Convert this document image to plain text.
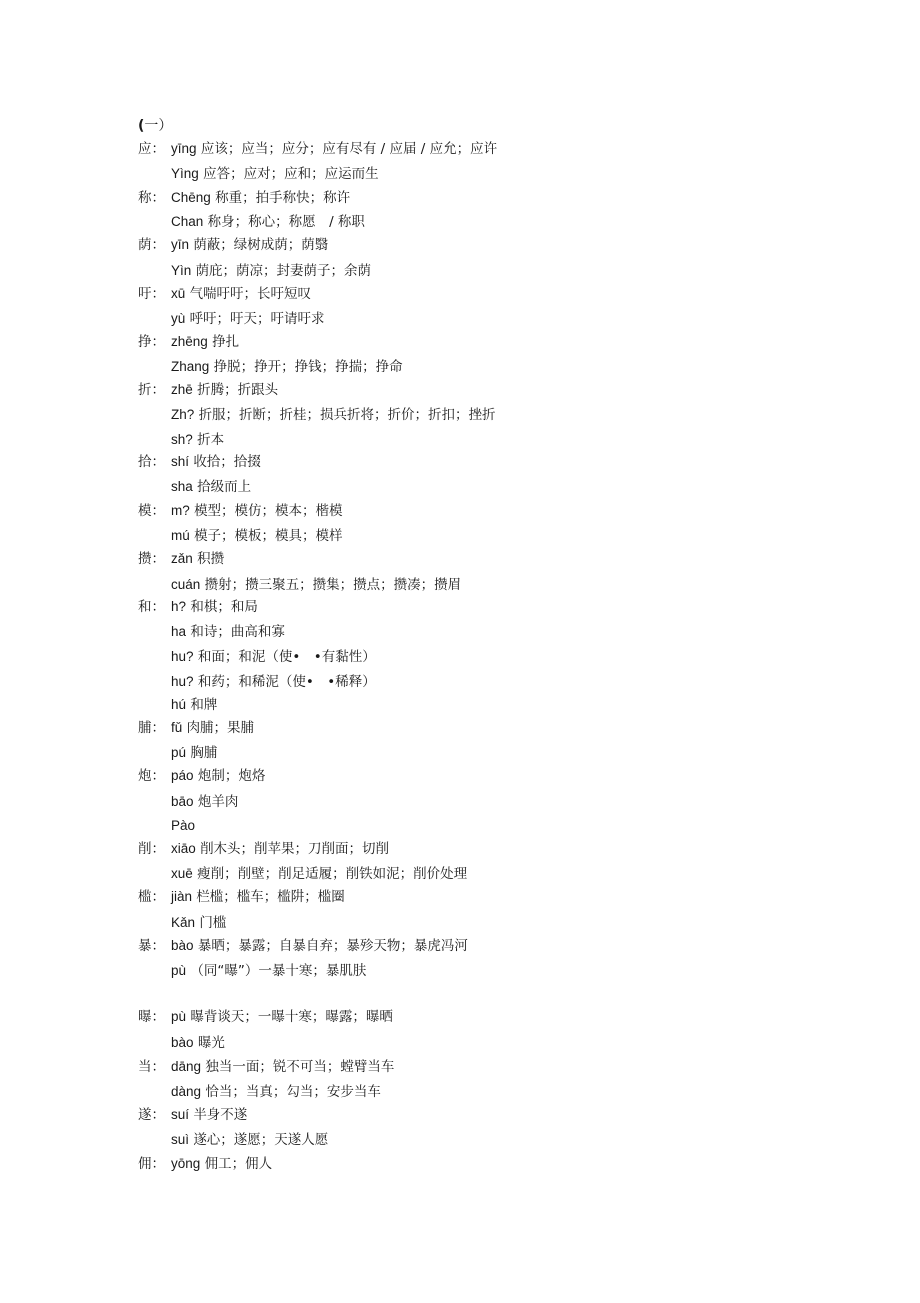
(一）
应： yīng 应该；应当；应分；应有尽有 / 应届 / 应允；应许
Yìng 应答；应对；应和；应运而生
称： Chēng 称重；拍手称快；称许
Chan 称身；称心；称愿　/ 称职
荫： yīn 荫蔽；绿树成荫；荫翳
Yìn 荫庇；荫凉；封妻荫子；余荫
吁： xū 气喘吁吁；长吁短叹
yù 呼吁；吁天；吁请吁求
挣： zhēng 挣扎
Zhang 挣脱；挣开；挣钱；挣揣；挣命
折： zhē 折腾；折跟头
Zh? 折服；折断；折桂；损兵折将；折价；折扣；挫折
sh? 折本
拾： shí 收拾；拾掇
sha 拾级而上
模： m? 模型；模仿；模本；楷模
mú 模子；模板；模具；模样
攒： zǎn 积攒
cuán 攒射；攒三聚五；攒集；攒点；攒凑；攒眉
和： h? 和棋；和局
ha 和诗；曲高和寡
hu? 和面；和泥（使•　•有黏性）
hu? 和药；和稀泥（使•　•稀释）
hú 和牌
脯： fǔ 肉脯；果脯
pú 胸脯
炮： páo 炮制；炮烙
bāo 炮羊肉
Pào
削： xiāo 削木头；削苹果；刀削面；切削
xuē 瘦削；削壁；削足适履；削铁如泥；削价处理
槛： jiàn 栏槛；槛车；槛阱；槛圈
Kǎn 门槛
暴： bào 暴晒；暴露；自暴自弃；暴殄天物；暴虎冯河
pù （同“曝”）一暴十寒；暴肌肤
曝： pù 曝背谈天；一曝十寒；曝露；曝晒
bào 曝光
当： dāng 独当一面；锐不可当；螳臂当车
dàng 恰当；当真；勾当；安步当车
遂： suí 半身不遂
suì 遂心；遂愿；天遂人愿
佣： yōng 佣工；佣人
